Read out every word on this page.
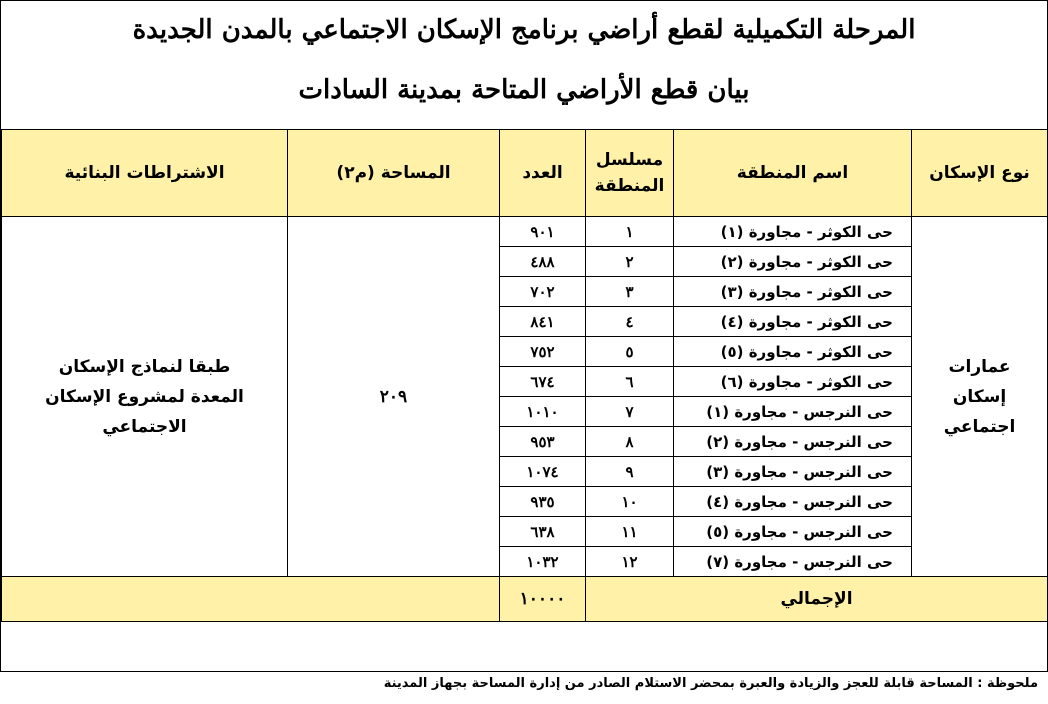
المرحلة التكميلية لقطع أراضي برنامج الإسكان الاجتماعي بالمدن الجديدة
بيان قطع الأراضي المتاحة بمدينة السادات
نوع الإسكان	اسم المنطقة	مسلسل المنطقة	العدد	المساحة (م٢)	الاشتراطات البنائية
عمارات إسكان اجتماعي	حى الكوثر - مجاورة (١)	١	٩٠١	٢٠٩	طبقا لنماذج الإسكان المعدة لمشروع الإسكان الاجتماعي
	حى الكوثر - مجاورة (٢)	٢	٤٨٨		
	حى الكوثر - مجاورة (٣)	٣	٧٠٢		
	حى الكوثر - مجاورة (٤)	٤	٨٤١		
	حى الكوثر - مجاورة (٥)	٥	٧٥٢		
	حى الكوثر - مجاورة (٦)	٦	٦٧٤		
	حى النرجس - مجاورة (١)	٧	١٠١٠		
	حى النرجس - مجاورة (٢)	٨	٩٥٣		
	حى النرجس - مجاورة (٣)	٩	١٠٧٤		
	حى النرجس - مجاورة (٤)	١٠	٩٣٥		
	حى النرجس - مجاورة (٥)	١١	٦٣٨		
	حى النرجس - مجاورة (٧)	١٢	١٠٣٢		
الإجمالي			١٠٠٠٠		
ملحوظة : المساحة قابلة للعجز والزيادة والعبرة بمحضر الاستلام الصادر من إدارة المساحة بجهاز المدينة
